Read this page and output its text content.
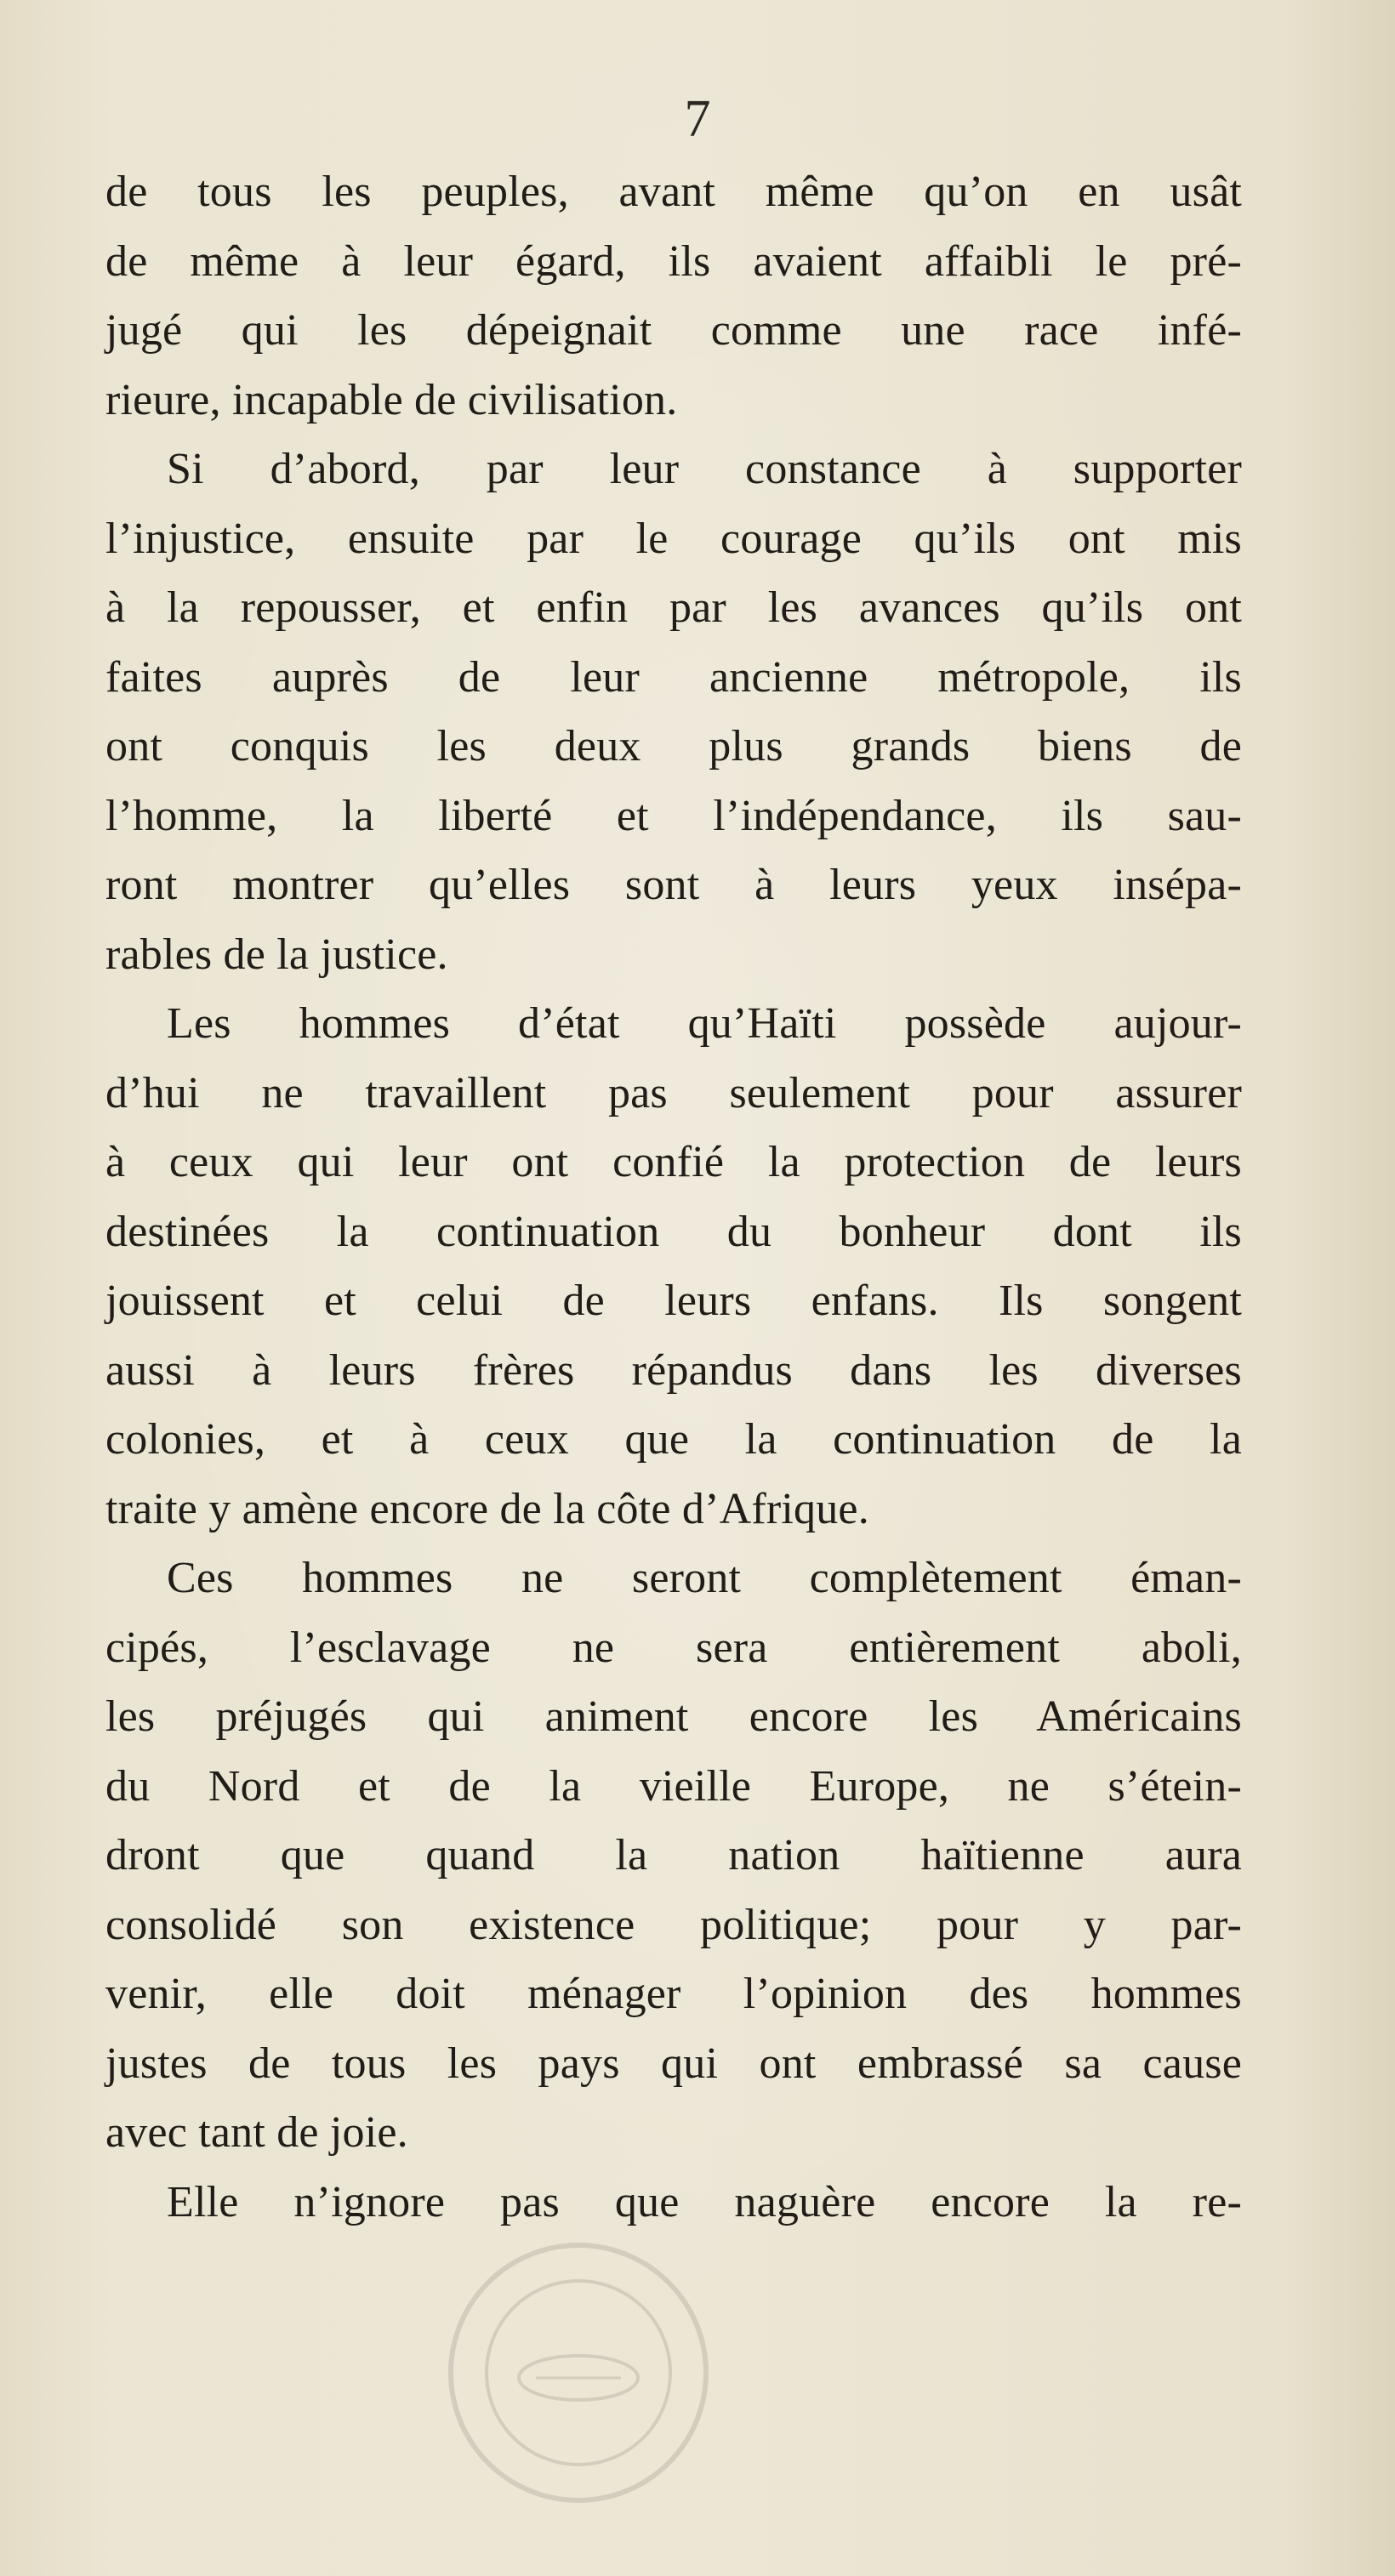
7
de tous les peuples, avant même qu’on en usât
de même à leur égard, ils avaient affaibli le pré-
jugé qui les dépeignait comme une race infé-
rieure, incapable de civilisation.
Si d’abord, par leur constance à supporter
l’injustice, ensuite par le courage qu’ils ont mis
à la repousser, et enfin par les avances qu’ils ont
faites auprès de leur ancienne métropole, ils
ont conquis les deux plus grands biens de
l’homme, la liberté et l’indépendance, ils sau-
ront montrer qu’elles sont à leurs yeux insépa-
rables de la justice.
Les hommes d’état qu’Haïti possède aujour-
d’hui ne travaillent pas seulement pour assurer
à ceux qui leur ont confié la protection de leurs
destinées la continuation du bonheur dont ils
jouissent et celui de leurs enfans. Ils songent
aussi à leurs frères répandus dans les diverses
colonies, et à ceux que la continuation de la
traite y amène encore de la côte d’Afrique.
Ces hommes ne seront complètement éman-
cipés, l’esclavage ne sera entièrement aboli,
les préjugés qui animent encore les Américains
du Nord et de la vieille Europe, ne s’étein-
dront que quand la nation haïtienne aura
consolidé son existence politique; pour y par-
venir, elle doit ménager l’opinion des hommes
justes de tous les pays qui ont embrassé sa cause
avec tant de joie.
Elle n’ignore pas que naguère encore la re-
